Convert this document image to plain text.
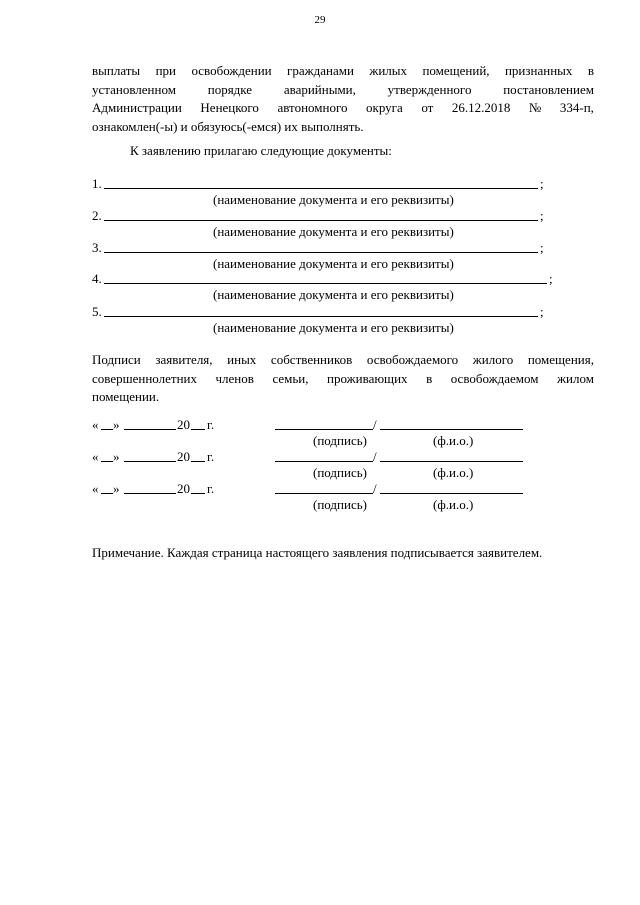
29
выплаты при освобождении гражданами жилых помещений, признанных в
установленном порядке аварийными, утвержденного постановлением
Администрации Ненецкого автономного округа от 26.12.2018 № 334-п,
ознакомлен(-ы) и обязуюсь(-емся) их выполнять.
К заявлению прилагаю следующие документы:
1.	;
(наименование документа и его реквизиты)
2.	;
(наименование документа и его реквизиты)
3.	;
(наименование документа и его реквизиты)
4.	;
(наименование документа и его реквизиты)
5.	;
(наименование документа и его реквизиты)
Подписи заявителя, иных собственников освобождаемого жилого помещения,
совершеннолетних членов семьи, проживающих в освобождаемом жилом
помещении.
« »	20 г.	/
(подпись)	(ф.и.о.)
« »	20 г.	/
(подпись)	(ф.и.о.)
« »	20 г.	/
(подпись)	(ф.и.о.)
Примечание. Каждая страница настоящего заявления подписывается заявителем.
